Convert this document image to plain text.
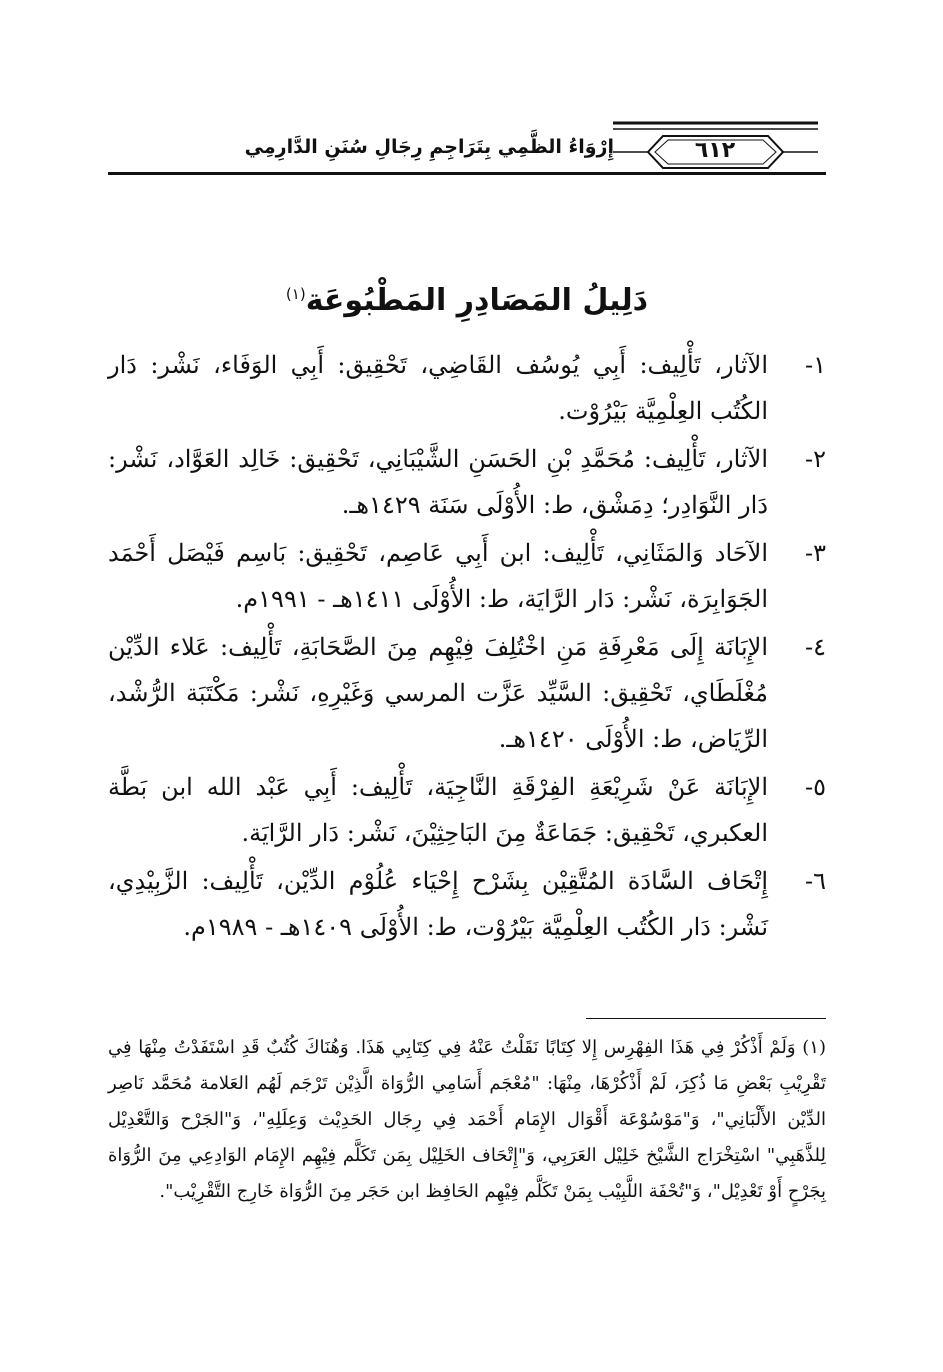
إِرْوَاءُ الظَّمِي بِتَرَاجِمِ رِجَالِ سُنَنِ الدَّارِمِي	٦١٢
دَلِيلُ المَصَادِرِ المَطْبُوعَة$^{(١)}$
١-
الآثار، تَأْلِيف: أَبِي يُوسُف القَاضِي، تَحْقِيق: أَبِي الوَفَاء، نَشْر: دَار الكُتُب العِلْمِيَّة بَيْرُوْت.
٢-
الآثار، تَأْلِيف: مُحَمَّدِ بْنِ الحَسَنِ الشَّيْبَانِي، تَحْقِيق: خَالِد العَوَّاد، نَشْر: دَار النَّوَادِر؛ دِمَشْق، ط: الأُوْلَى سَنَة ١٤٢٩هـ.
٣-
الآحَاد وَالمَثَانِي، تَأْلِيف: ابن أَبِي عَاصِم، تَحْقِيق: بَاسِم فَيْصَل أَحْمَد الجَوَابِرَة، نَشْر: دَار الرَّايَة، ط: الأُوْلَى ١٤١١هـ - ١٩٩١م.
٤-
الإِبَانَة إِلَى مَعْرِفَةِ مَنِ اخْتُلِفَ فِيْهِم مِنَ الصَّحَابَةِ، تَأْلِيف: عَلاء الدِّيْن مُغْلَطَاي، تَحْقِيق: السَّيِّد عَزَّت المرسي وَغَيْرِهِ، نَشْر: مَكْتَبَة الرُّشْد، الرِّيَاض، ط: الأُوْلَى ١٤٢٠هـ.
٥-
الإِبَانَة عَنْ شَرِيْعَةِ الفِرْقَةِ النَّاجِيَة، تَأْلِيف: أَبِي عَبْد الله ابن بَطَّة العكبري، تَحْقِيق: جَمَاعَةٌ مِنَ البَاحِثِيْنَ، نَشْر: دَار الرَّايَة.
٦-
إِتْحَاف السَّادَة المُتَّقِيْن بِشَرْح إِحْيَاء عُلُوْم الدِّيْن، تَأْلِيف: الزَّبِيْدِي، نَشْر: دَار الكُتُب العِلْمِيَّة بَيْرُوْت، ط: الأُوْلَى ١٤٠٩هـ - ١٩٨٩م.
(١) وَلَمْ أَذْكُرْ فِي هَذَا الفِهْرِس إِلا كِتَابًا نَقَلْتُ عَنْهُ فِي كِتَابِي هَذَا. وَهُنَاكَ كُتُبٌ قَدِ اسْتَفَدْتُ مِنْهَا فِي تَقْرِيْبِ بَعْضِ مَا ذُكِرَ، لَمْ أَذْكُرْهَا، مِنْهَا: "مُعْجَم أَسَامِي الرُّوَاة الَّذِيْن تَرْجَم لَهُم العَلامة مُحَمَّد نَاصِر الدِّيْن الأَلْبَانِي"، وَ"مَوْسُوْعَة أَقْوَال الإِمَام أَحْمَد فِي رِجَال الحَدِيْث وَعِلَلِهِ"، وَ"الجَرْح وَالتَّعْدِيْل لِلذَّهَبِي" اسْتِخْرَاج الشَّيْخ خَلِيْل العَرَبِي، وَ"إِتْحَاف الخَلِيْل بِمَن تَكَلَّم فِيْهِم الإِمَام الوَادِعِي مِنَ الرُّوَاة بِجَرْحٍ أَوْ تَعْدِيْل"، وَ"تُحْفَة اللَّبِيْب بِمَنْ تَكَلَّم فِيْهِم الحَافِظ ابن حَجَر مِنَ الرُّوَاة خَارِج التَّقْرِيْب".
